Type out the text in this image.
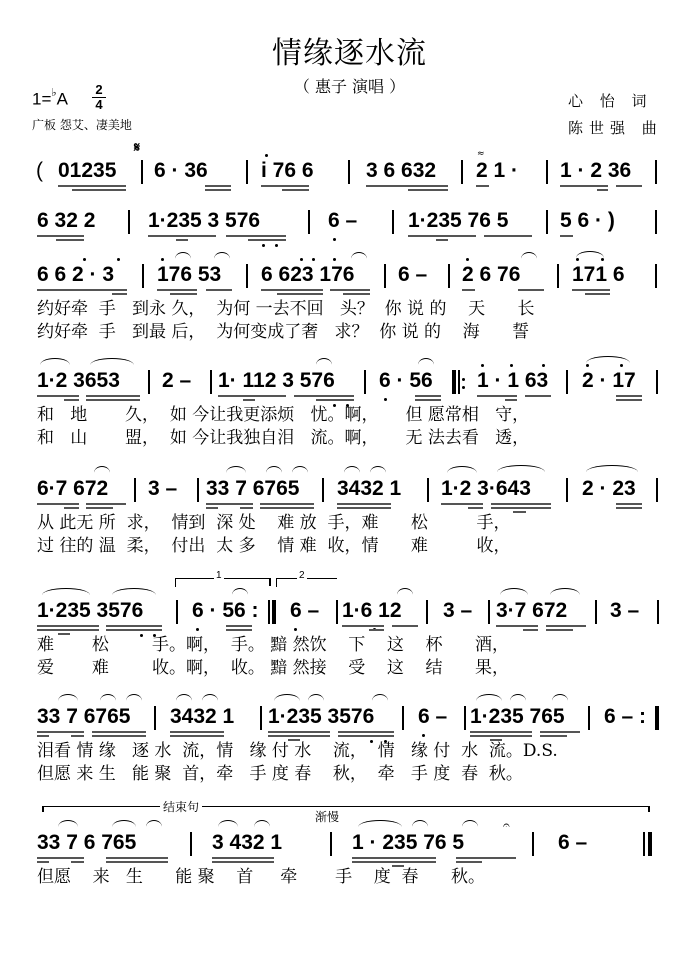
情缘逐水流
（ 惠子 演唱 ）
1=♭A
2
4
广板 怨艾、凄美地
心 怡 词
陈世强 曲
( 01235
𝄋
6 · 36	i 76 6 3 6 632 2 1 ·
≈
1 · 2 36
6 32 2	1·235 3 576	6 – 1·235 76 5 5 6 · )
6 6 2 · 3 176 53 6 623 176 6 – 2 6 76 171 6
约好牵  手   到永 久，  为何 一去不回   头？  你 说 的    天      长
约好牵  手   到最 后，  为何变成了奢   求？  你 说 的    海      誓
1·2 3653 2 – 1· 112 3 576 6 · 56 1 · 1 63 2 · 17
和   地       久，  如 今让我更添烦   忧。啊，     但 愿常相   守，
和   山       盟，  如 今让我独自泪   流。啊，     无 法去看   透，
6·7 672 3 – 33 7 6765 3432 1 1·2 3·643 2 · 23
从 此无 所  求，  情到  深 处    难 放  手，难      松         手，
过 往的 温  柔，  付出  太 多    情 难  收，情      难         收，
1	2
1·235 3576 6 · 56 : 6 – 1·6 12 3 – 3·7 672 3 –
难       松        手。啊，  手。 黯 然饮    下    这    杯      酒，
爱       难        收。啊，  收。 黯 然接    受    这    结      果，
33 7 6765 3432 1 1·235 3576 6 – 1·235 765 6 – :
泪看 情 缘   逐 水  流，情   缘 付 水    流，  情   缘 付  水  流。D.S.
但愿 来 生   能 聚  首，牵   手 度 春    秋，  牵   手 度  春  秋。
结束句
渐慢
33 7 6 765	3 432 1	1 · 235 76 5
𝄐
6 –
但愿    来   生      能 聚    首     牵       手    度  春      秋。
